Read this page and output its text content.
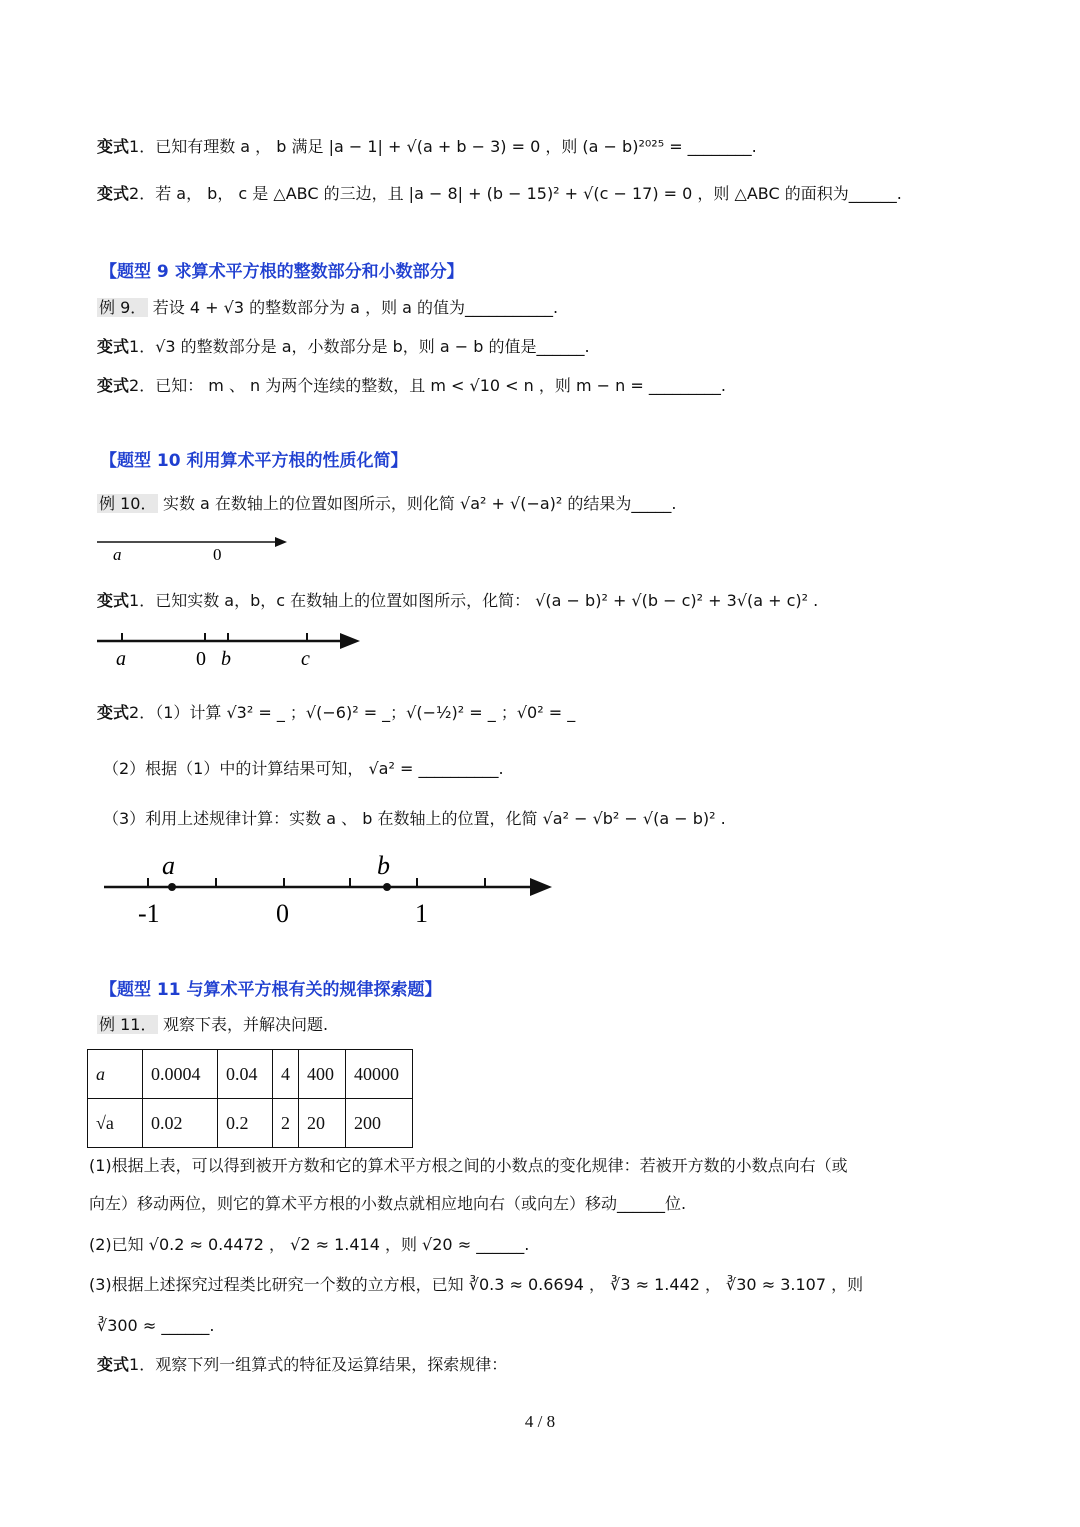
变式1．已知有理数 a ， b 满足 |a − 1| + √(a + b − 3) = 0 ，则 (a − b)²⁰²⁵ = ________.
变式2．若 a， b， c 是 △ABC 的三边，且 |a − 8| + (b − 15)² + √(c − 17) = 0 ，则 △ABC 的面积为______.
【题型 9 求算术平方根的整数部分和小数部分】
例 9． 若设 4 + √3 的整数部分为 a ，则 a 的值为___________.
变式1．√3 的整数部分是 a，小数部分是 b，则 a − b 的值是______.
变式2．已知： m 、 n 为两个连续的整数，且 m < √10 < n ，则 m − n = _________.
【题型 10 利用算术平方根的性质化简】
例 10． 实数 a 在数轴上的位置如图所示，则化简 √a² + √(−a)² 的结果为_____.
a	0
变式1．已知实数 a，b，c 在数轴上的位置如图所示，化简： √(a − b)² + √(b − c)² + 3√(a + c)² .
a	0 b	c
变式2．（1）计算 √3² = _ ；√(−6)² = _；√(−½)² = _ ；√0² = _
（2）根据（1）中的计算结果可知， √a² = __________.
（3）利用上述规律计算：实数 a 、 b 在数轴上的位置，化简 √a² − √b² − √(a − b)² .
a	b
-1	0	1
【题型 11 与算术平方根有关的规律探索题】
例 11． 观察下表，并解决问题.
a	0.0004	0.04	4	400	40000
√a	0.02	0.2	2	20	200
(1)根据上表，可以得到被开方数和它的算术平方根之间的小数点的变化规律：若被开方数的小数点向右（或
向左）移动两位，则它的算术平方根的小数点就相应地向右（或向左）移动______位.
(2)已知 √0.2 ≈ 0.4472 ， √2 ≈ 1.414 ，则 √20 ≈ ______.
(3)根据上述探究过程类比研究一个数的立方根，已知 ∛0.3 ≈ 0.6694 ， ∛3 ≈ 1.442 ， ∛30 ≈ 3.107 ，则
∛300 ≈ ______.
变式1．观察下列一组算式的特征及运算结果，探索规律：
4 / 8
